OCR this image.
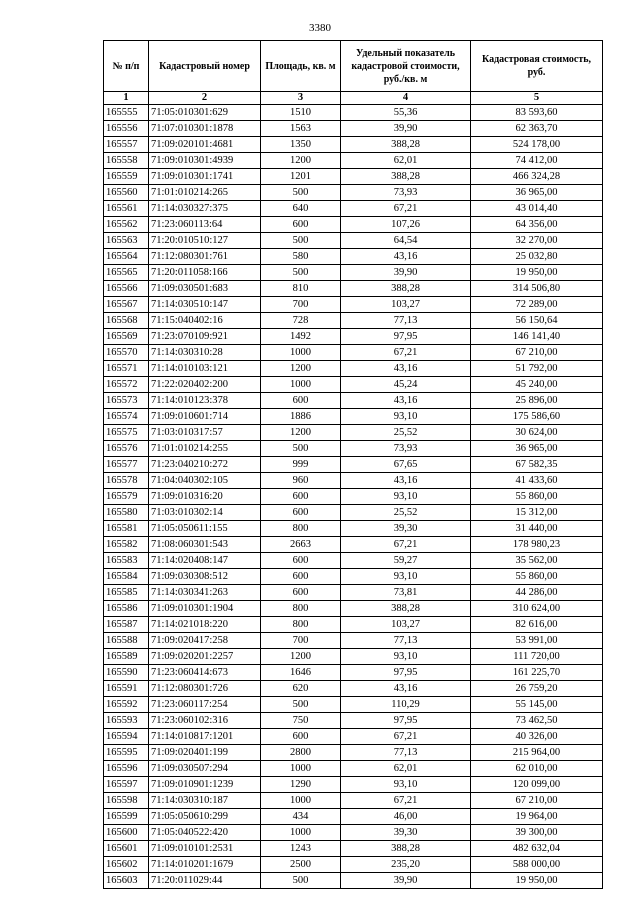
3380
№ п/п	Кадастровый номер	Площадь, кв. м	Удельный показатель кадастровой стоимости, руб./кв. м	Кадастровая стоимость, руб.
1	2	3	4	5
165555	71:05:010301:629	1510	55,36	83 593,60
165556	71:07:010301:1878	1563	39,90	62 363,70
165557	71:09:020101:4681	1350	388,28	524 178,00
165558	71:09:010301:4939	1200	62,01	74 412,00
165559	71:09:010301:1741	1201	388,28	466 324,28
165560	71:01:010214:265	500	73,93	36 965,00
165561	71:14:030327:375	640	67,21	43 014,40
165562	71:23:060113:64	600	107,26	64 356,00
165563	71:20:010510:127	500	64,54	32 270,00
165564	71:12:080301:761	580	43,16	25 032,80
165565	71:20:011058:166	500	39,90	19 950,00
165566	71:09:030501:683	810	388,28	314 506,80
165567	71:14:030510:147	700	103,27	72 289,00
165568	71:15:040402:16	728	77,13	56 150,64
165569	71:23:070109:921	1492	97,95	146 141,40
165570	71:14:030310:28	1000	67,21	67 210,00
165571	71:14:010103:121	1200	43,16	51 792,00
165572	71:22:020402:200	1000	45,24	45 240,00
165573	71:14:010123:378	600	43,16	25 896,00
165574	71:09:010601:714	1886	93,10	175 586,60
165575	71:03:010317:57	1200	25,52	30 624,00
165576	71:01:010214:255	500	73,93	36 965,00
165577	71:23:040210:272	999	67,65	67 582,35
165578	71:04:040302:105	960	43,16	41 433,60
165579	71:09:010316:20	600	93,10	55 860,00
165580	71:03:010302:14	600	25,52	15 312,00
165581	71:05:050611:155	800	39,30	31 440,00
165582	71:08:060301:543	2663	67,21	178 980,23
165583	71:14:020408:147	600	59,27	35 562,00
165584	71:09:030308:512	600	93,10	55 860,00
165585	71:14:030341:263	600	73,81	44 286,00
165586	71:09:010301:1904	800	388,28	310 624,00
165587	71:14:021018:220	800	103,27	82 616,00
165588	71:09:020417:258	700	77,13	53 991,00
165589	71:09:020201:2257	1200	93,10	111 720,00
165590	71:23:060414:673	1646	97,95	161 225,70
165591	71:12:080301:726	620	43,16	26 759,20
165592	71:23:060117:254	500	110,29	55 145,00
165593	71:23:060102:316	750	97,95	73 462,50
165594	71:14:010817:1201	600	67,21	40 326,00
165595	71:09:020401:199	2800	77,13	215 964,00
165596	71:09:030507:294	1000	62,01	62 010,00
165597	71:09:010901:1239	1290	93,10	120 099,00
165598	71:14:030310:187	1000	67,21	67 210,00
165599	71:05:050610:299	434	46,00	19 964,00
165600	71:05:040522:420	1000	39,30	39 300,00
165601	71:09:010101:2531	1243	388,28	482 632,04
165602	71:14:010201:1679	2500	235,20	588 000,00
165603	71:20:011029:44	500	39,90	19 950,00
